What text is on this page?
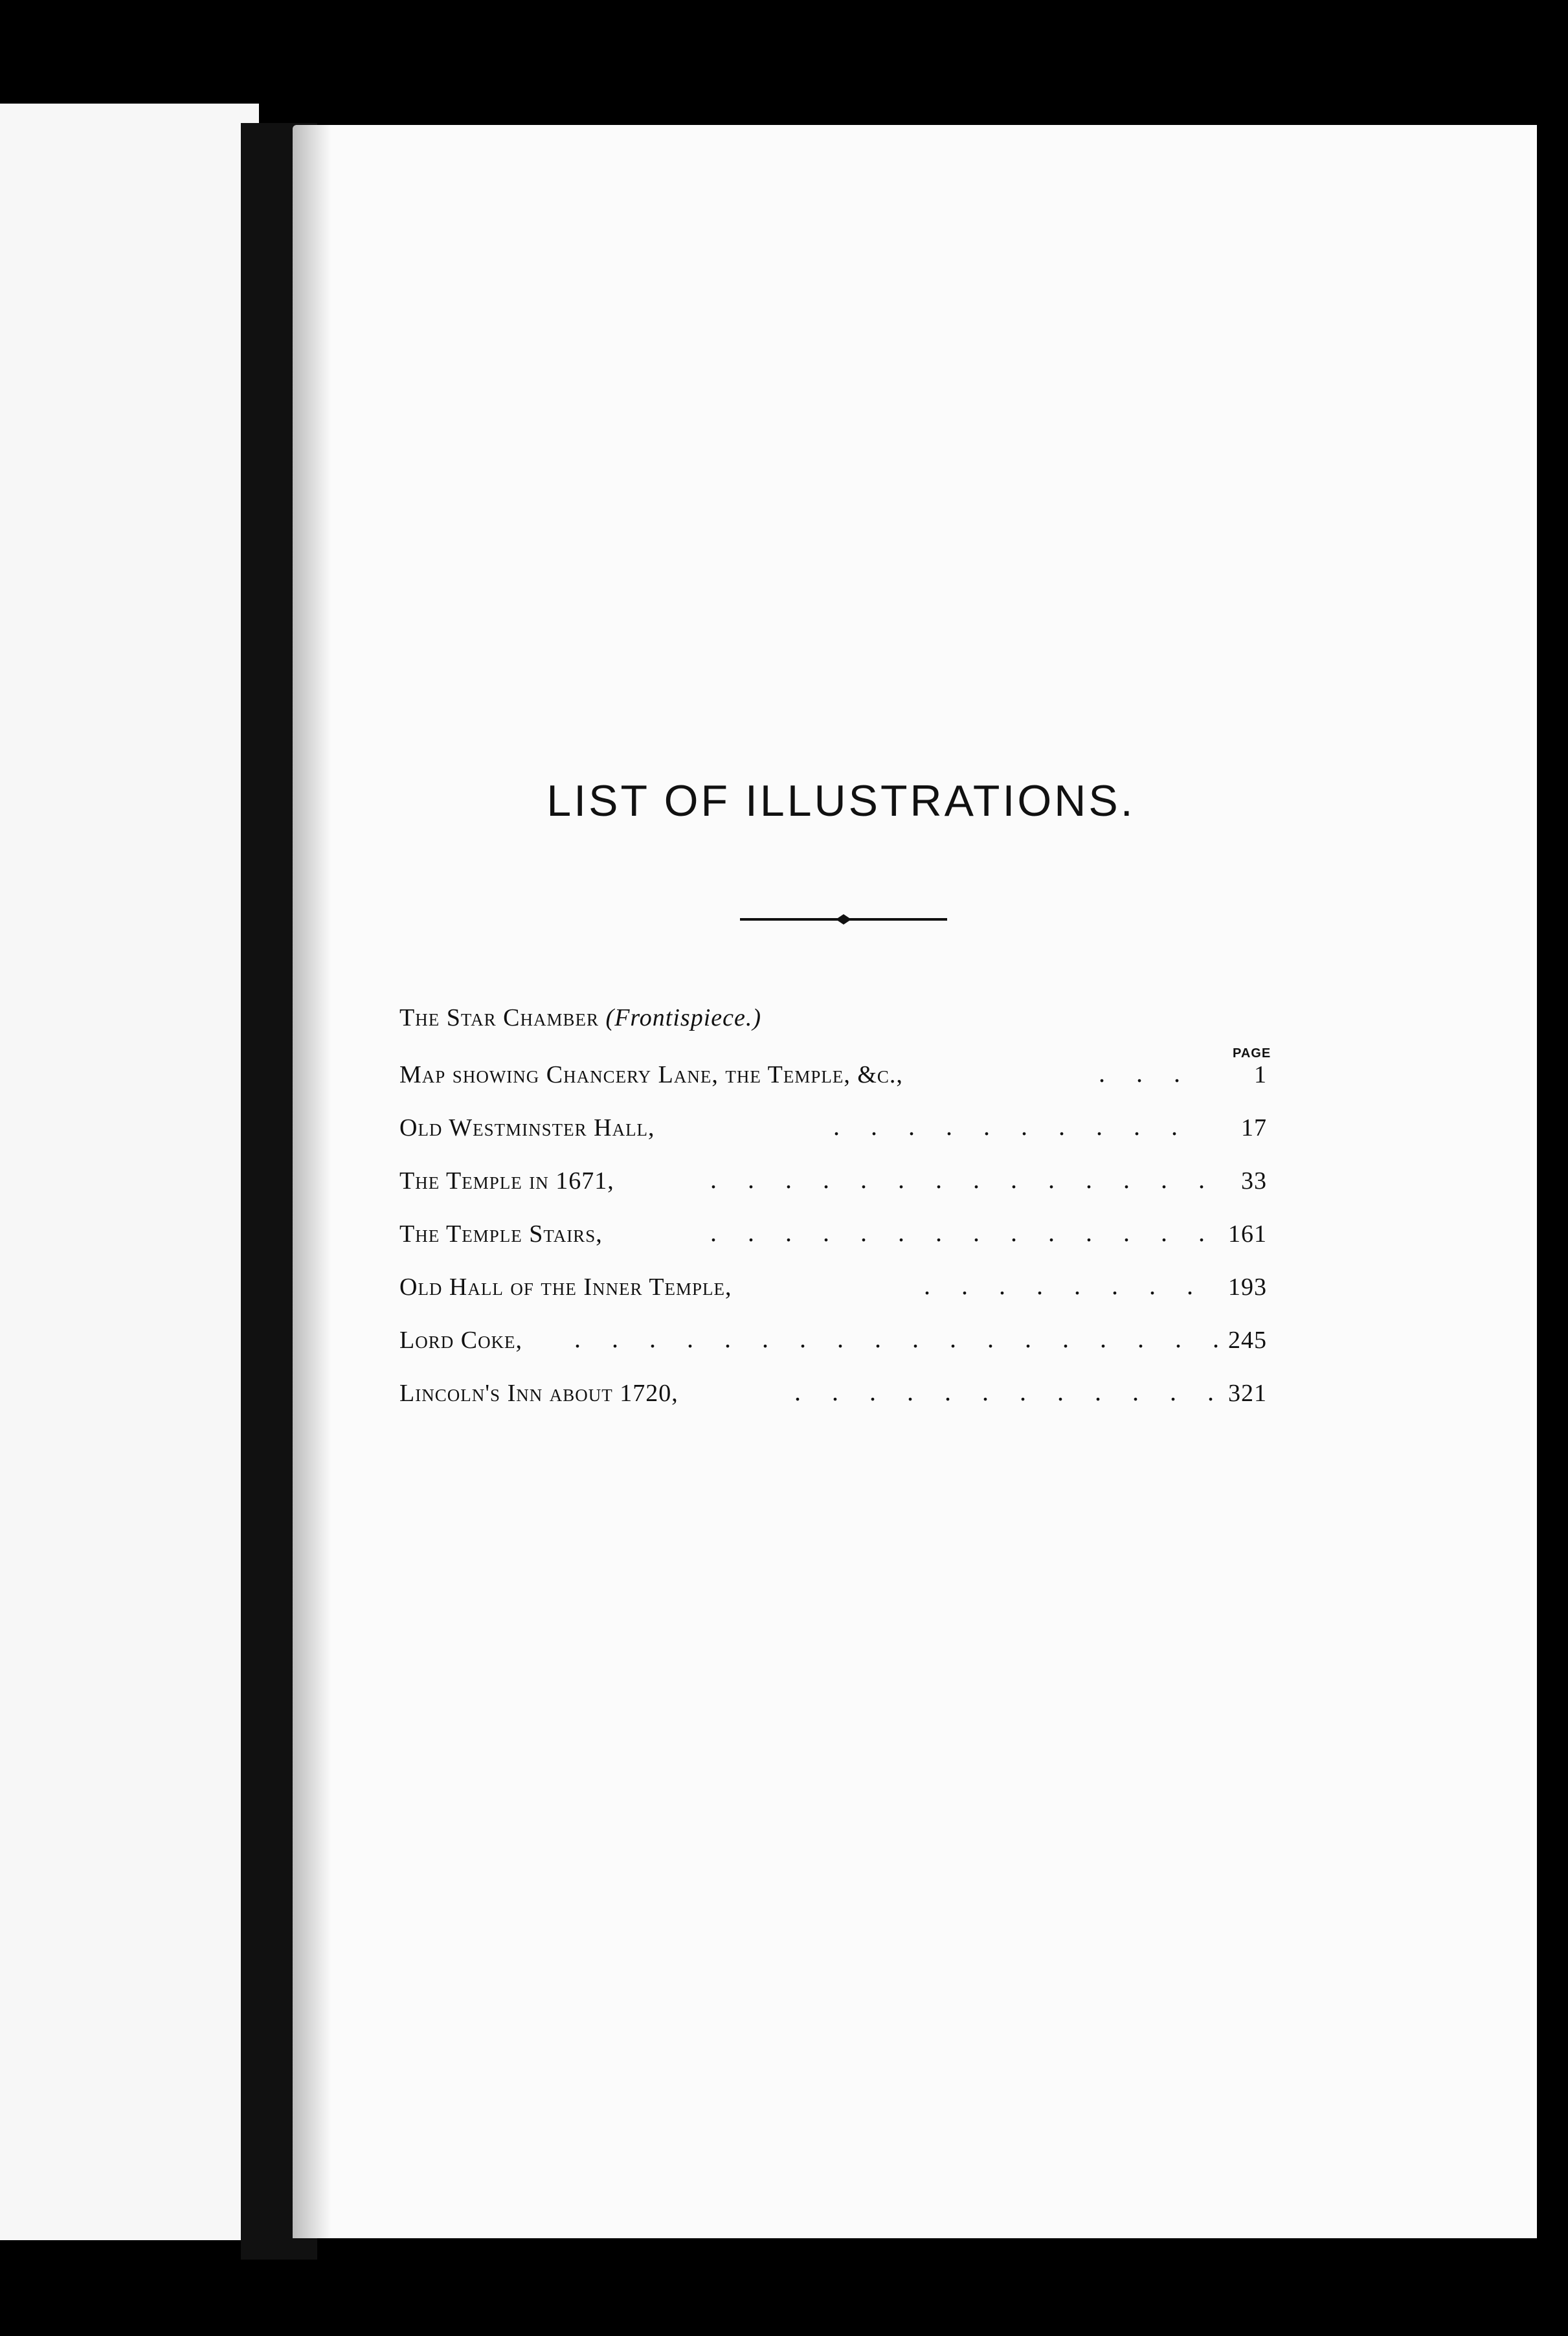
LIST OF ILLUSTRATIONS.
PAGE
The Star Chamber (Frontispiece.)
Map showing Chancery Lane, the Temple, &c.,	. . .	1
Old Westminster Hall,	. . . . . . . . . .	17
The Temple in 1671,	. . . . . . . . . . . . . . 33
The Temple Stairs,	. . . . . . . . . . . . . . 161
Old Hall of the Inner Temple,	. . . . . . . . 193
Lord Coke, . . . . . . . . . . . . . . . . . . 245
Lincoln's Inn about 1720,	. . . . . . . . . . . . 321
